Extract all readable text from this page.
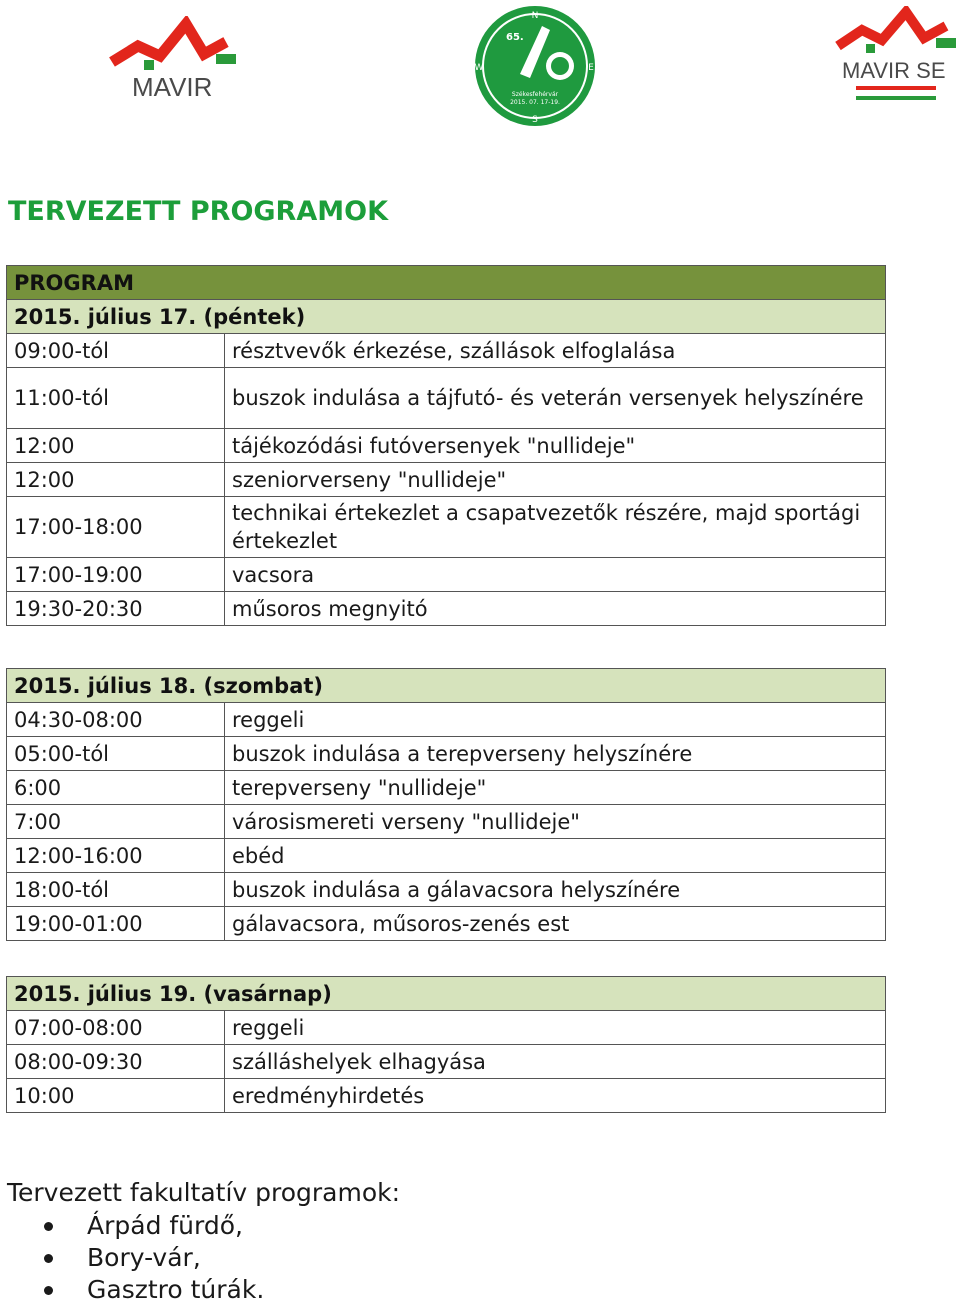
MAVIR
N
S
W	E
65.
Székesfehérvár
2015. 07. 17-19.
MAVIR SE
TERVEZETT PROGRAMOK
PROGRAM	
2015. július 17. (péntek)	
09:00-tól	résztvevők érkezése, szállások elfoglalása
11:00-tól	buszok indulása a tájfutó- és veterán versenyek helyszínére
12:00	tájékozódási futóversenyek "nullideje"
12:00	szeniorverseny "nullideje"
17:00-18:00	technikai értekezlet a csapatvezetők részére, majd sportági értekezlet
17:00-19:00	vacsora
19:30-20:30	műsoros megnyitó
2015. július 18. (szombat)	
04:30-08:00	reggeli
05:00-tól	buszok indulása a terepverseny helyszínére
6:00	terepverseny "nullideje"
7:00	városismereti verseny "nullideje"
12:00-16:00	ebéd
18:00-tól	buszok indulása a gálavacsora helyszínére
19:00-01:00	gálavacsora, műsoros-zenés est
2015. július 19. (vasárnap)	
07:00-08:00	reggeli
08:00-09:30	szálláshelyek elhagyása
10:00	eredményhirdetés
Tervezett fakultatív programok:
Árpád fürdő,
Bory-vár,
Gasztro túrák.
